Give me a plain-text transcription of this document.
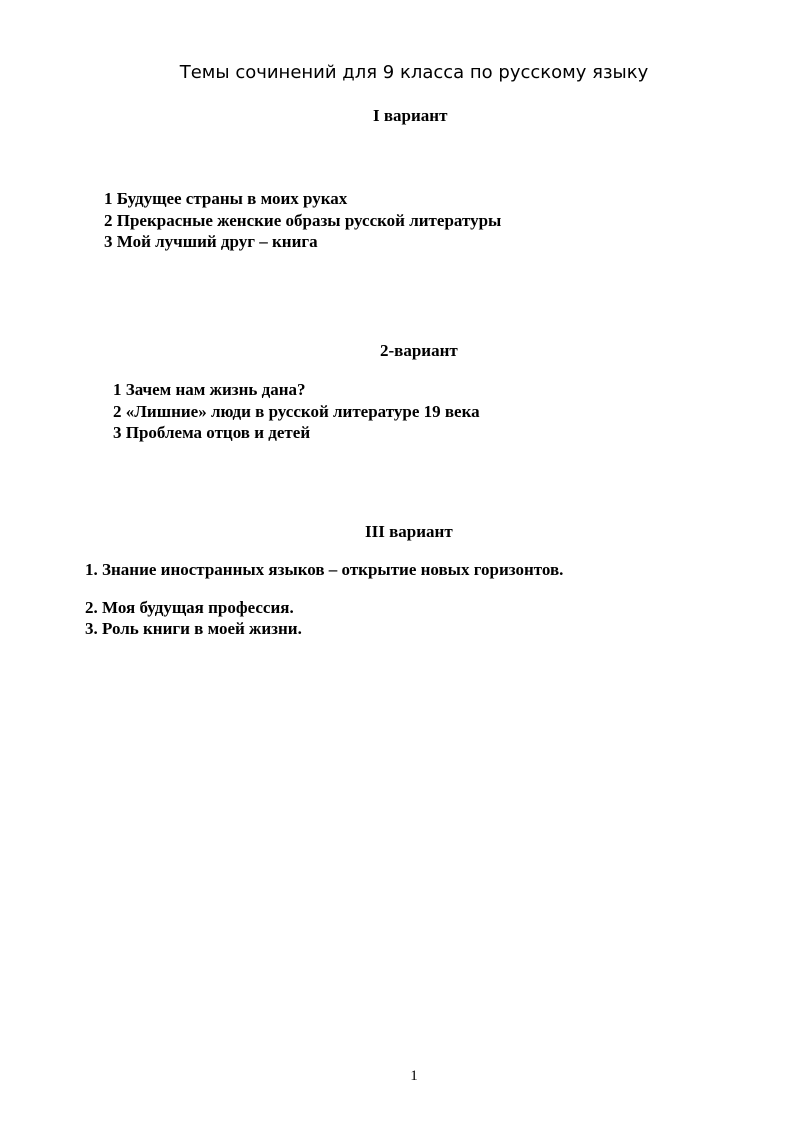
Темы сочинений для 9 класса по русскому языку
I вариант
1 Будущее страны в моих руках
2 Прекрасные женские образы русской литературы
3 Мой лучший друг – книга
2-вариант
1 Зачем нам жизнь дана?
2 «Лишние» люди в русской литературе 19 века
3 Проблема отцов и детей
III вариант
1. Знание иностранных языков – открытие новых горизонтов.
2. Моя будущая профессия.
3. Роль книги в моей жизни.
1
